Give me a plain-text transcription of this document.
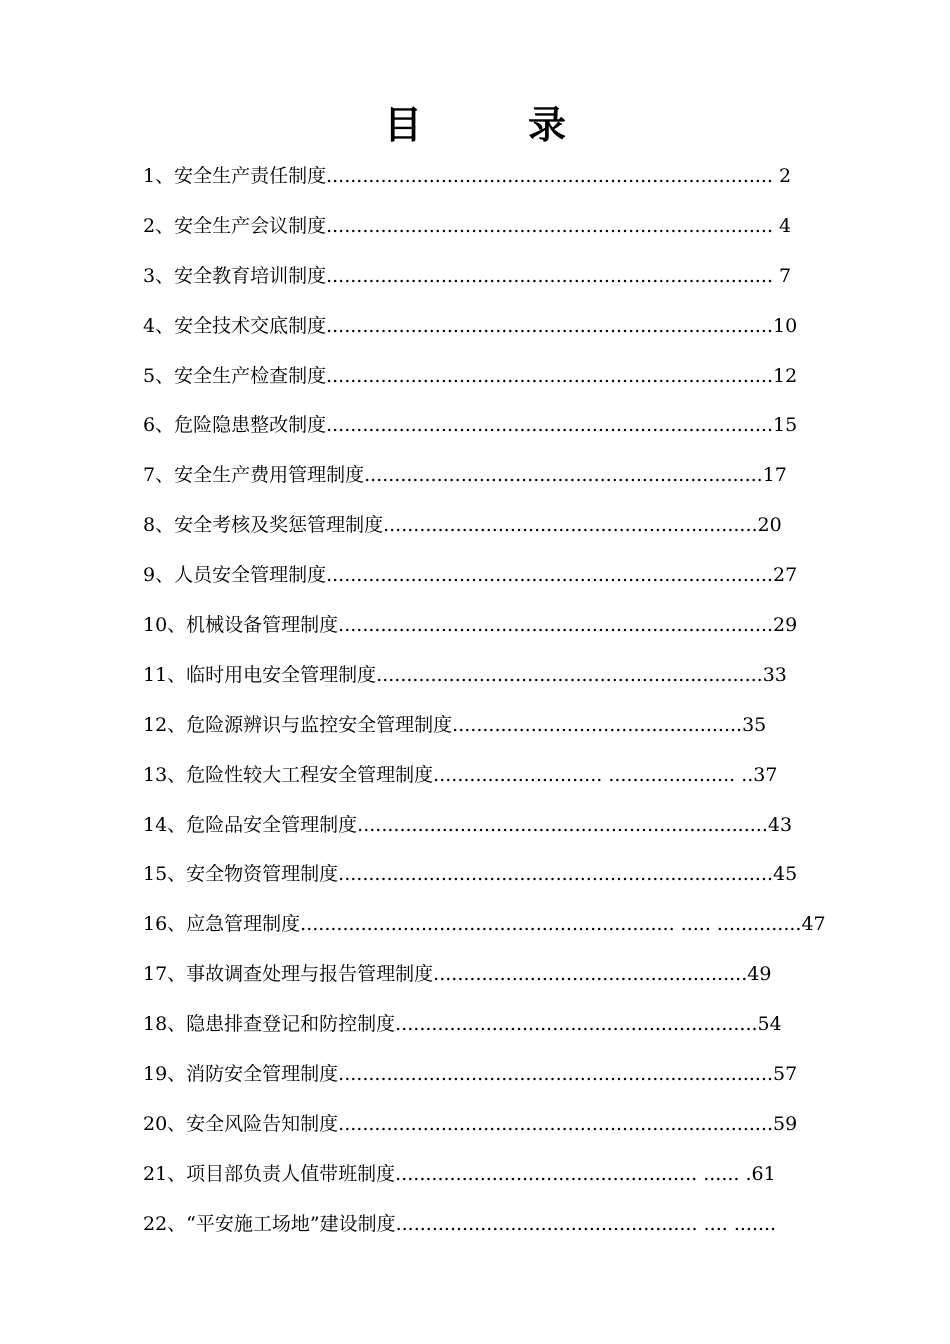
目　录
1、安全生产责任制度.......................................................................... 2
2、安全生产会议制度.......................................................................... 4
3、安全教育培训制度.......................................................................... 7
4、安全技术交底制度..........................................................................10
5、安全生产检查制度..........................................................................12
6、危险隐患整改制度..........................................................................15
7、安全生产费用管理制度..................................................................17
8、安全考核及奖惩管理制度..............................................................20
9、人员安全管理制度..........................................................................27
10、机械设备管理制度........................................................................29
11、临时用电安全管理制度................................................................33
12、危险源辨识与监控安全管理制度................................................35
13、危险性较大工程安全管理制度............................ ..................... ..37
14、危险品安全管理制度....................................................................43
15、安全物资管理制度........................................................................45
16、应急管理制度.............................................................. ..... ..............47
17、事故调查处理与报告管理制度....................................................49
18、隐患排查登记和防控制度............................................................54
19、消防安全管理制度........................................................................57
20、安全风险告知制度........................................................................59
21、项目部负责人值带班制度.................................................. ...... .61
22、“平安施工场地”建设制度.................................................. .... .......
